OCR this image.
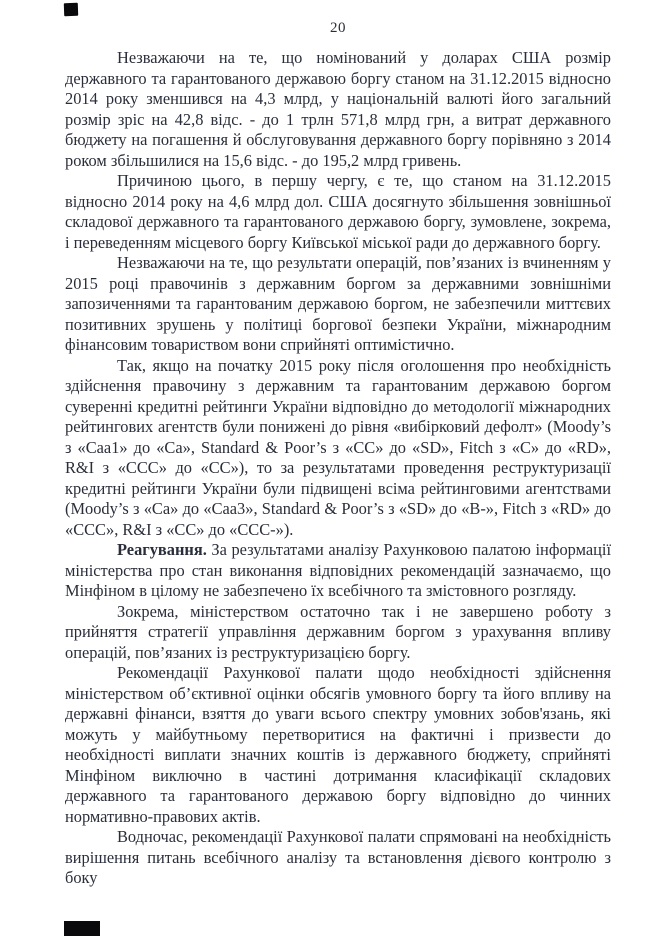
20

Незважаючи на те, що номінований у доларах США розмір державного та гарантованого державою боргу станом на 31.12.2015 відносно 2014 року зменшився на 4,3 млрд, у національній валюті його загальний розмір зріс на 42,8 відс. - до 1 трлн 571,8 млрд грн, а витрат державного бюджету на погашення й обслуговування державного боргу порівняно з 2014 роком збільшилися на 15,6 відс. - до 195,2 млрд гривень.

Причиною цього, в першу чергу, є те, що станом на 31.12.2015 відносно 2014 року на 4,6 млрд дол. США досягнуто збільшення зовнішньої складової державного та гарантованого державою боргу, зумовлене, зокрема, і переведенням місцевого боргу Київської міської ради до державного боргу.

Незважаючи на те, що результати операцій, пов’язаних із вчиненням у 2015 році правочинів з державним боргом за державними зовнішніми запозиченнями та гарантованим державою боргом, не забезпечили миттєвих позитивних зрушень у політиці боргової безпеки України, міжнародним фінансовим товариством вони сприйняті оптимістично.

Так, якщо на початку 2015 року після оголошення про необхідність здійснення правочину з державним та гарантованим державою боргом суверенні кредитні рейтинги України відповідно до методології міжнародних рейтингових агентств були понижені до рівня «вибірковий дефолт» (Moody’s з «Caa1» до «Ca», Standard & Poor’s з «CC» до «SD», Fitch з «C» до «RD», R&I з «CCC» до «CC»), то за результатами проведення реструктуризації кредитні рейтинги України були підвищені всіма рейтинговими агентствами (Moody’s з «Ca» до «Caa3», Standard & Poor’s з «SD» до «B-», Fitch з «RD» до «CCC», R&I з «CC» до «CCC-»).

Реагування. За результатами аналізу Рахунковою палатою інформації міністерства про стан виконання відповідних рекомендацій зазначаємо, що Мінфіном в цілому не забезпечено їх всебічного та змістовного розгляду.

Зокрема, міністерством остаточно так і не завершено роботу з прийняття стратегії управління державним боргом з урахування впливу операцій, пов’язаних із реструктуризацією боргу.

Рекомендації Рахункової палати щодо необхідності здійснення міністерством об’єктивної оцінки обсягів умовного боргу та його впливу на державні фінанси, взяття до уваги всього спектру умовних зобов'язань, які можуть у майбутньому перетворитися на фактичні і призвести до необхідності виплати значних коштів із державного бюджету, сприйняті Мінфіном виключно в частині дотримання класифікації складових державного та гарантованого державою боргу відповідно до чинних нормативно-правових актів.

Водночас, рекомендації Рахункової палати спрямовані на необхідність вирішення питань всебічного аналізу та встановлення дієвого контролю з боку
